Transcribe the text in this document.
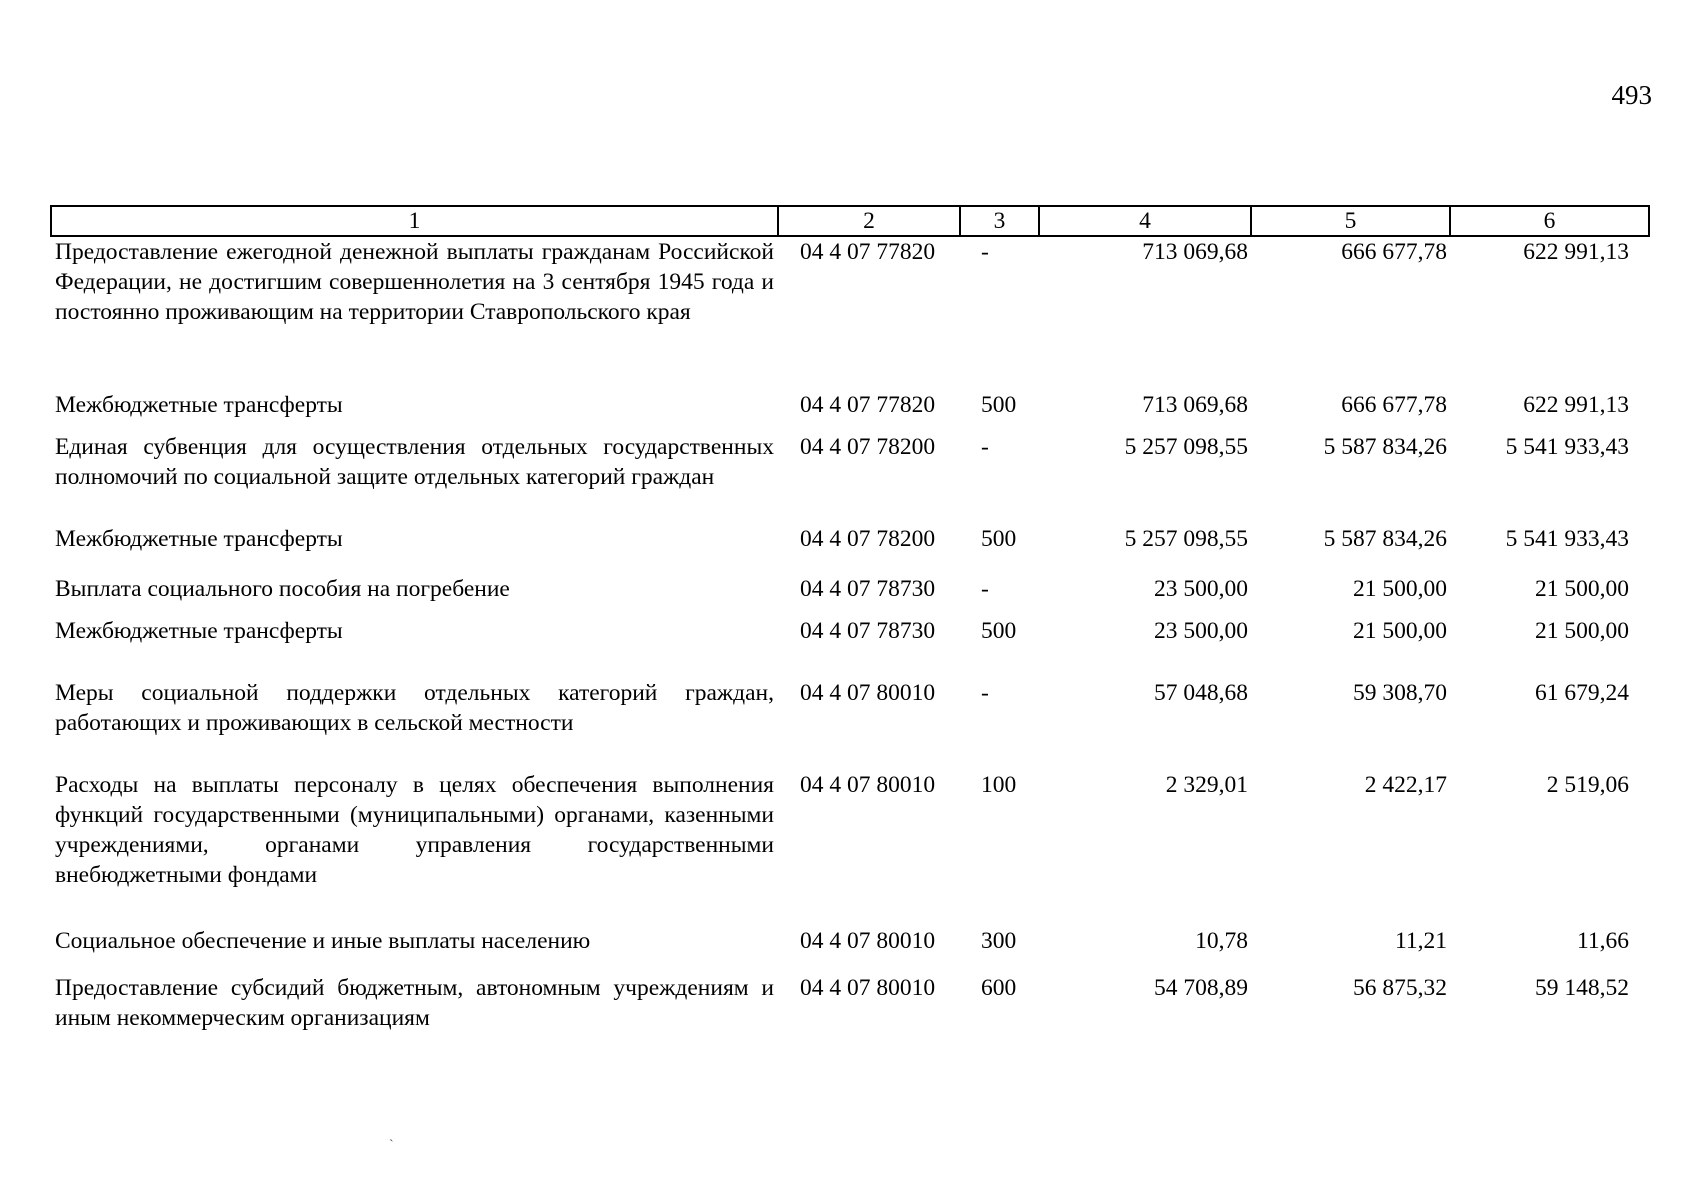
493
1	2	3	4	5	6
Предоставление ежегодной денежной выплаты гражданам Российской Федерации, не достигшим совершеннолетия на 3 сентября 1945 года и постоянно проживающим на территории Ставропольского края	04 4 07 77820	-	713 069,68	666 677,78	622 991,13
Межбюджетные трансферты	04 4 07 77820	500	713 069,68	666 677,78	622 991,13
Единая субвенция для осуществления отдельных государственных полномочий по социальной защите отдельных категорий граждан	04 4 07 78200	-	5 257 098,55	5 587 834,26	5 541 933,43
Межбюджетные трансферты	04 4 07 78200	500	5 257 098,55	5 587 834,26	5 541 933,43
Выплата социального пособия на погребение	04 4 07 78730	-	23 500,00	21 500,00	21 500,00
Межбюджетные трансферты	04 4 07 78730	500	23 500,00	21 500,00	21 500,00
Меры социальной поддержки отдельных категорий граждан, работающих и проживающих в сельской местности	04 4 07 80010	-	57 048,68	59 308,70	61 679,24
Расходы на выплаты персоналу в целях обеспечения выполнения функций государственными (муниципальными) органами, казенными учреждениями, органами управления государственными внебюджетными фондами	04 4 07 80010	100	2 329,01	2 422,17	2 519,06
Социальное обеспечение и иные выплаты населению	04 4 07 80010	300	10,78	11,21	11,66
Предоставление субсидий бюджетным, автономным учреждениям и иным некоммерческим организациям	04 4 07 80010	600	54 708,89	56 875,32	59 148,52
`
